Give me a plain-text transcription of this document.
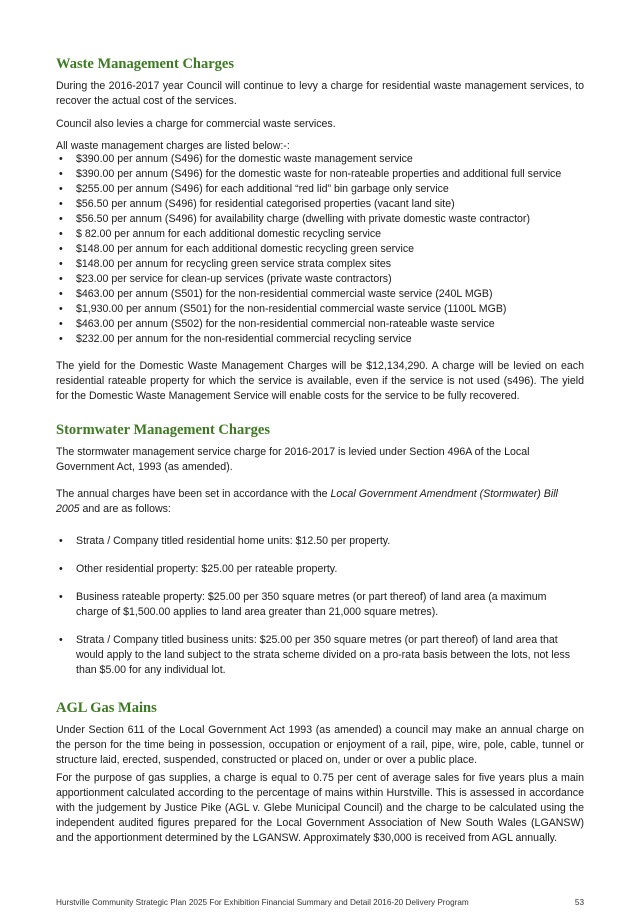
Waste Management Charges

During the 2016-2017 year Council will continue to levy a charge for residential waste management services, to recover the actual cost of the services.

Council also levies a charge for commercial waste services.

All waste management charges are listed below:-:

• $390.00 per annum (S496) for the domestic waste management service
• $390.00 per annum (S496) for the domestic waste for non-rateable properties and additional full service
• $255.00 per annum (S496) for each additional “red lid” bin garbage only service
• $56.50 per annum (S496) for residential categorised properties (vacant land site)
• $56.50 per annum (S496) for availability charge (dwelling with private domestic waste contractor)
• $ 82.00 per annum for each additional domestic recycling service
• $148.00 per annum for each additional domestic recycling green service
• $148.00 per annum for recycling green service strata complex sites
• $23.00 per service for clean-up services (private waste contractors)
• $463.00 per annum (S501) for the non-residential commercial waste service (240L MGB)
• $1,930.00 per annum (S501) for the non-residential commercial waste service (1100L MGB)
• $463.00 per annum (S502) for the non-residential commercial non-rateable waste service
• $232.00 per annum for the non-residential commercial recycling service

The yield for the Domestic Waste Management Charges will be $12,134,290. A charge will be levied on each residential rateable property for which the service is available, even if the service is not used (s496). The yield for the Domestic Waste Management Service will enable costs for the service to be fully recovered.

Stormwater Management Charges

The stormwater management service charge for 2016-2017 is levied under Section 496A of the Local Government Act, 1993 (as amended).

The annual charges have been set in accordance with the Local Government Amendment (Stormwater) Bill 2005 and are as follows:

• Strata / Company titled residential home units: $12.50 per property.
• Other residential property: $25.00 per rateable property.
• Business rateable property: $25.00 per 350 square metres (or part thereof) of land area (a maximum charge of $1,500.00 applies to land area greater than 21,000 square metres).
• Strata / Company titled business units: $25.00 per 350 square metres (or part thereof) of land area that would apply to the land subject to the strata scheme divided on a pro-rata basis between the lots, not less than $5.00 for any individual lot.
AGL Gas Mains

Under Section 611 of the Local Government Act 1993 (as amended) a council may make an annual charge on the person for the time being in possession, occupation or enjoyment of a rail, pipe, wire, pole, cable, tunnel or structure laid, erected, suspended, constructed or placed on, under or over a public place.

For the purpose of gas supplies, a charge is equal to 0.75 per cent of average sales for five years plus a main apportionment calculated according to the percentage of mains within Hurstville. This is assessed in accordance with the judgement by Justice Pike (AGL v. Glebe Municipal Council) and the charge to be calculated using the independent audited figures prepared for the Local Government Association of New South Wales (LGANSW) and the apportionment determined by the LGANSW. Approximately $30,000 is received from AGL annually.

Hurstville Community Strategic Plan 2025 For Exhibition Financial Summary and Detail 2016-20 Delivery Program	53
